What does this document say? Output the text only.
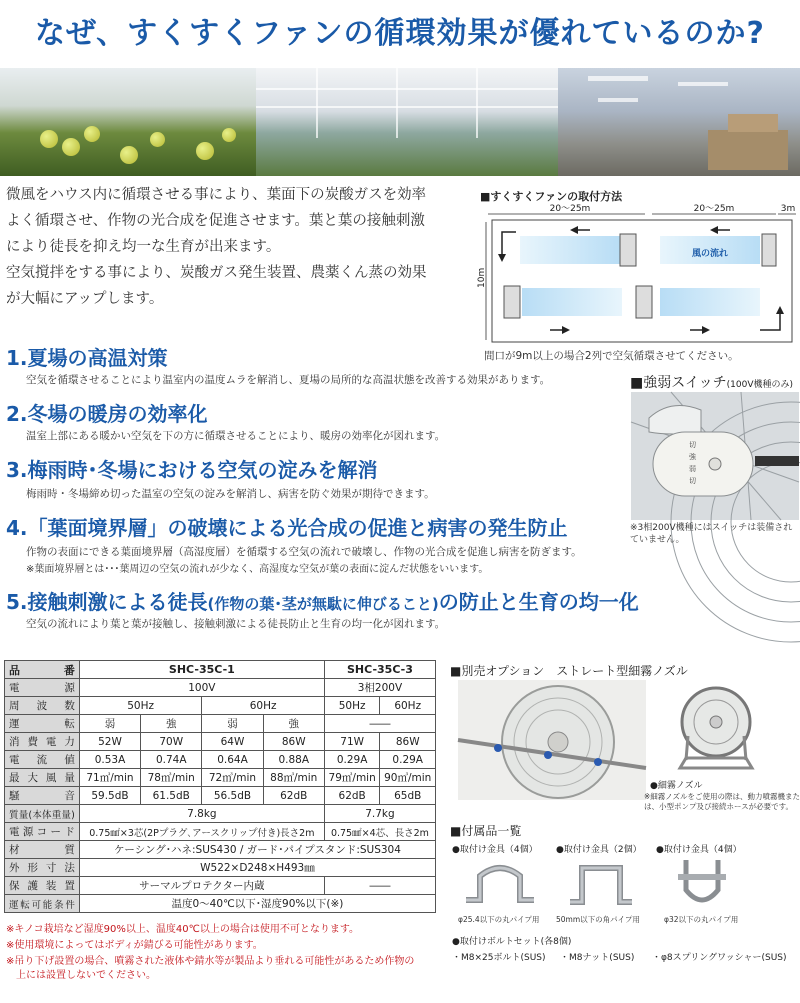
なぜ、すくすくファンの循環効果が優れているのか?

微風をハウス内に循環させる事により、葉面下の炭酸ガスを効率

よく循環させ、作物の光合成を促進させます。葉と葉の接触刺激

により徒長を抑え均一な生育が出来ます。

空気撹拌をする事により、炭酸ガス発生装置、農薬くん蒸の効果

が大幅にアップします。

■すくすくファンの取付方法
20～25m	20～25m	3m
10m
風の流れ
間口が9m以上の場合2列で空気循環させてください。
1.夏場の高温対策
空気を循環させることにより温室内の温度ムラを解消し、夏場の局所的な高温状態を改善する効果があります。
2.冬場の暖房の効率化
温室上部にある暖かい空気を下の方に循環させることにより、暖房の効率化が図れます。
3.梅雨時･冬場における空気の淀みを解消
梅雨時・冬場締め切った温室の空気の淀みを解消し、病害を防ぐ効果が期待できます。
4.「葉面境界層」の破壊による光合成の促進と病害の発生防止
作物の表面にできる葉面境界層（高湿度層）を循環する空気の流れで破壊し、作物の光合成を促進し病害を防ぎます。
※葉面境界層とは･･･葉周辺の空気の流れが少なく、高湿度な空気が葉の表面に淀んだ状態をいいます。
5.接触刺激による徒長(作物の葉･茎が無駄に伸びること)の防止と生育の均一化
空気の流れにより葉と葉が接触し、接触刺激による徒長防止と生育の均一化が図れます。
■強弱スイッチ(100V機種のみ)
切
強
弱
切
※3相200V機種にはスイッチは装備されていません。
品　　番	SHC-35C-1				SHC-35C-3	
電　　源	100V				3相200V	
周　波　数	50Hz		60Hz		50Hz	60Hz
運　　転	弱	強	弱	強	――	
消 費 電 力	52W	70W	64W	86W	71W	86W
電　流　値	0.53A	0.74A	0.64A	0.88A	0.29A	0.29A
最 大 風 量	71㎥/min	78㎥/min	72㎥/min	88㎥/min	79㎥/min	90㎥/min
騒　　音	59.5dB	61.5dB	56.5dB	62dB	62dB	65dB
質量(本体重量)	7.8kg				7.7kg	
電 源 コ ー ド	0.75㎟×3芯(2Pプラグ､アースクリップ付き)長さ2m				0.75㎟×4芯、長さ2m	
材　　質	ケーシング･ハネ:SUS430 / ガード･パイプスタンド:SUS304					
外 形 寸 法	W522×D248×H493㎜					
保 護 装 置	サーマルプロテクター内蔵				――	
運転可能条件	温度0～40℃以下･湿度90%以下(※)					
※キノコ栽培など湿度90%以上、温度40℃以上の場合は使用不可となります。
※使用環境によってはボディが錆びる可能性があります。
※吊り下げ設置の場合、噴霧された液体や錆水等が製品より垂れる可能性があるため作物の
　上には設置しないでください。
■別売オプション　ストレート型細霧ノズル
●細霧ノズル
※細霧ノズルをご使用の際は、動力噴霧機または、小型ポンプ及び接続ホースが必要です。
■付属品一覧
●取付け金具（4個）
φ25.4以下の丸パイプ用
●取付け金具（2個）
50mm以下の角パイプ用
●取付け金具（4個）
φ32以下の丸パイプ用
●取付けボルトセット(各8個)
・M8×25ボルト(SUS) ・M8ナット(SUS) ・φ8スプリングワッシャー(SUS)
